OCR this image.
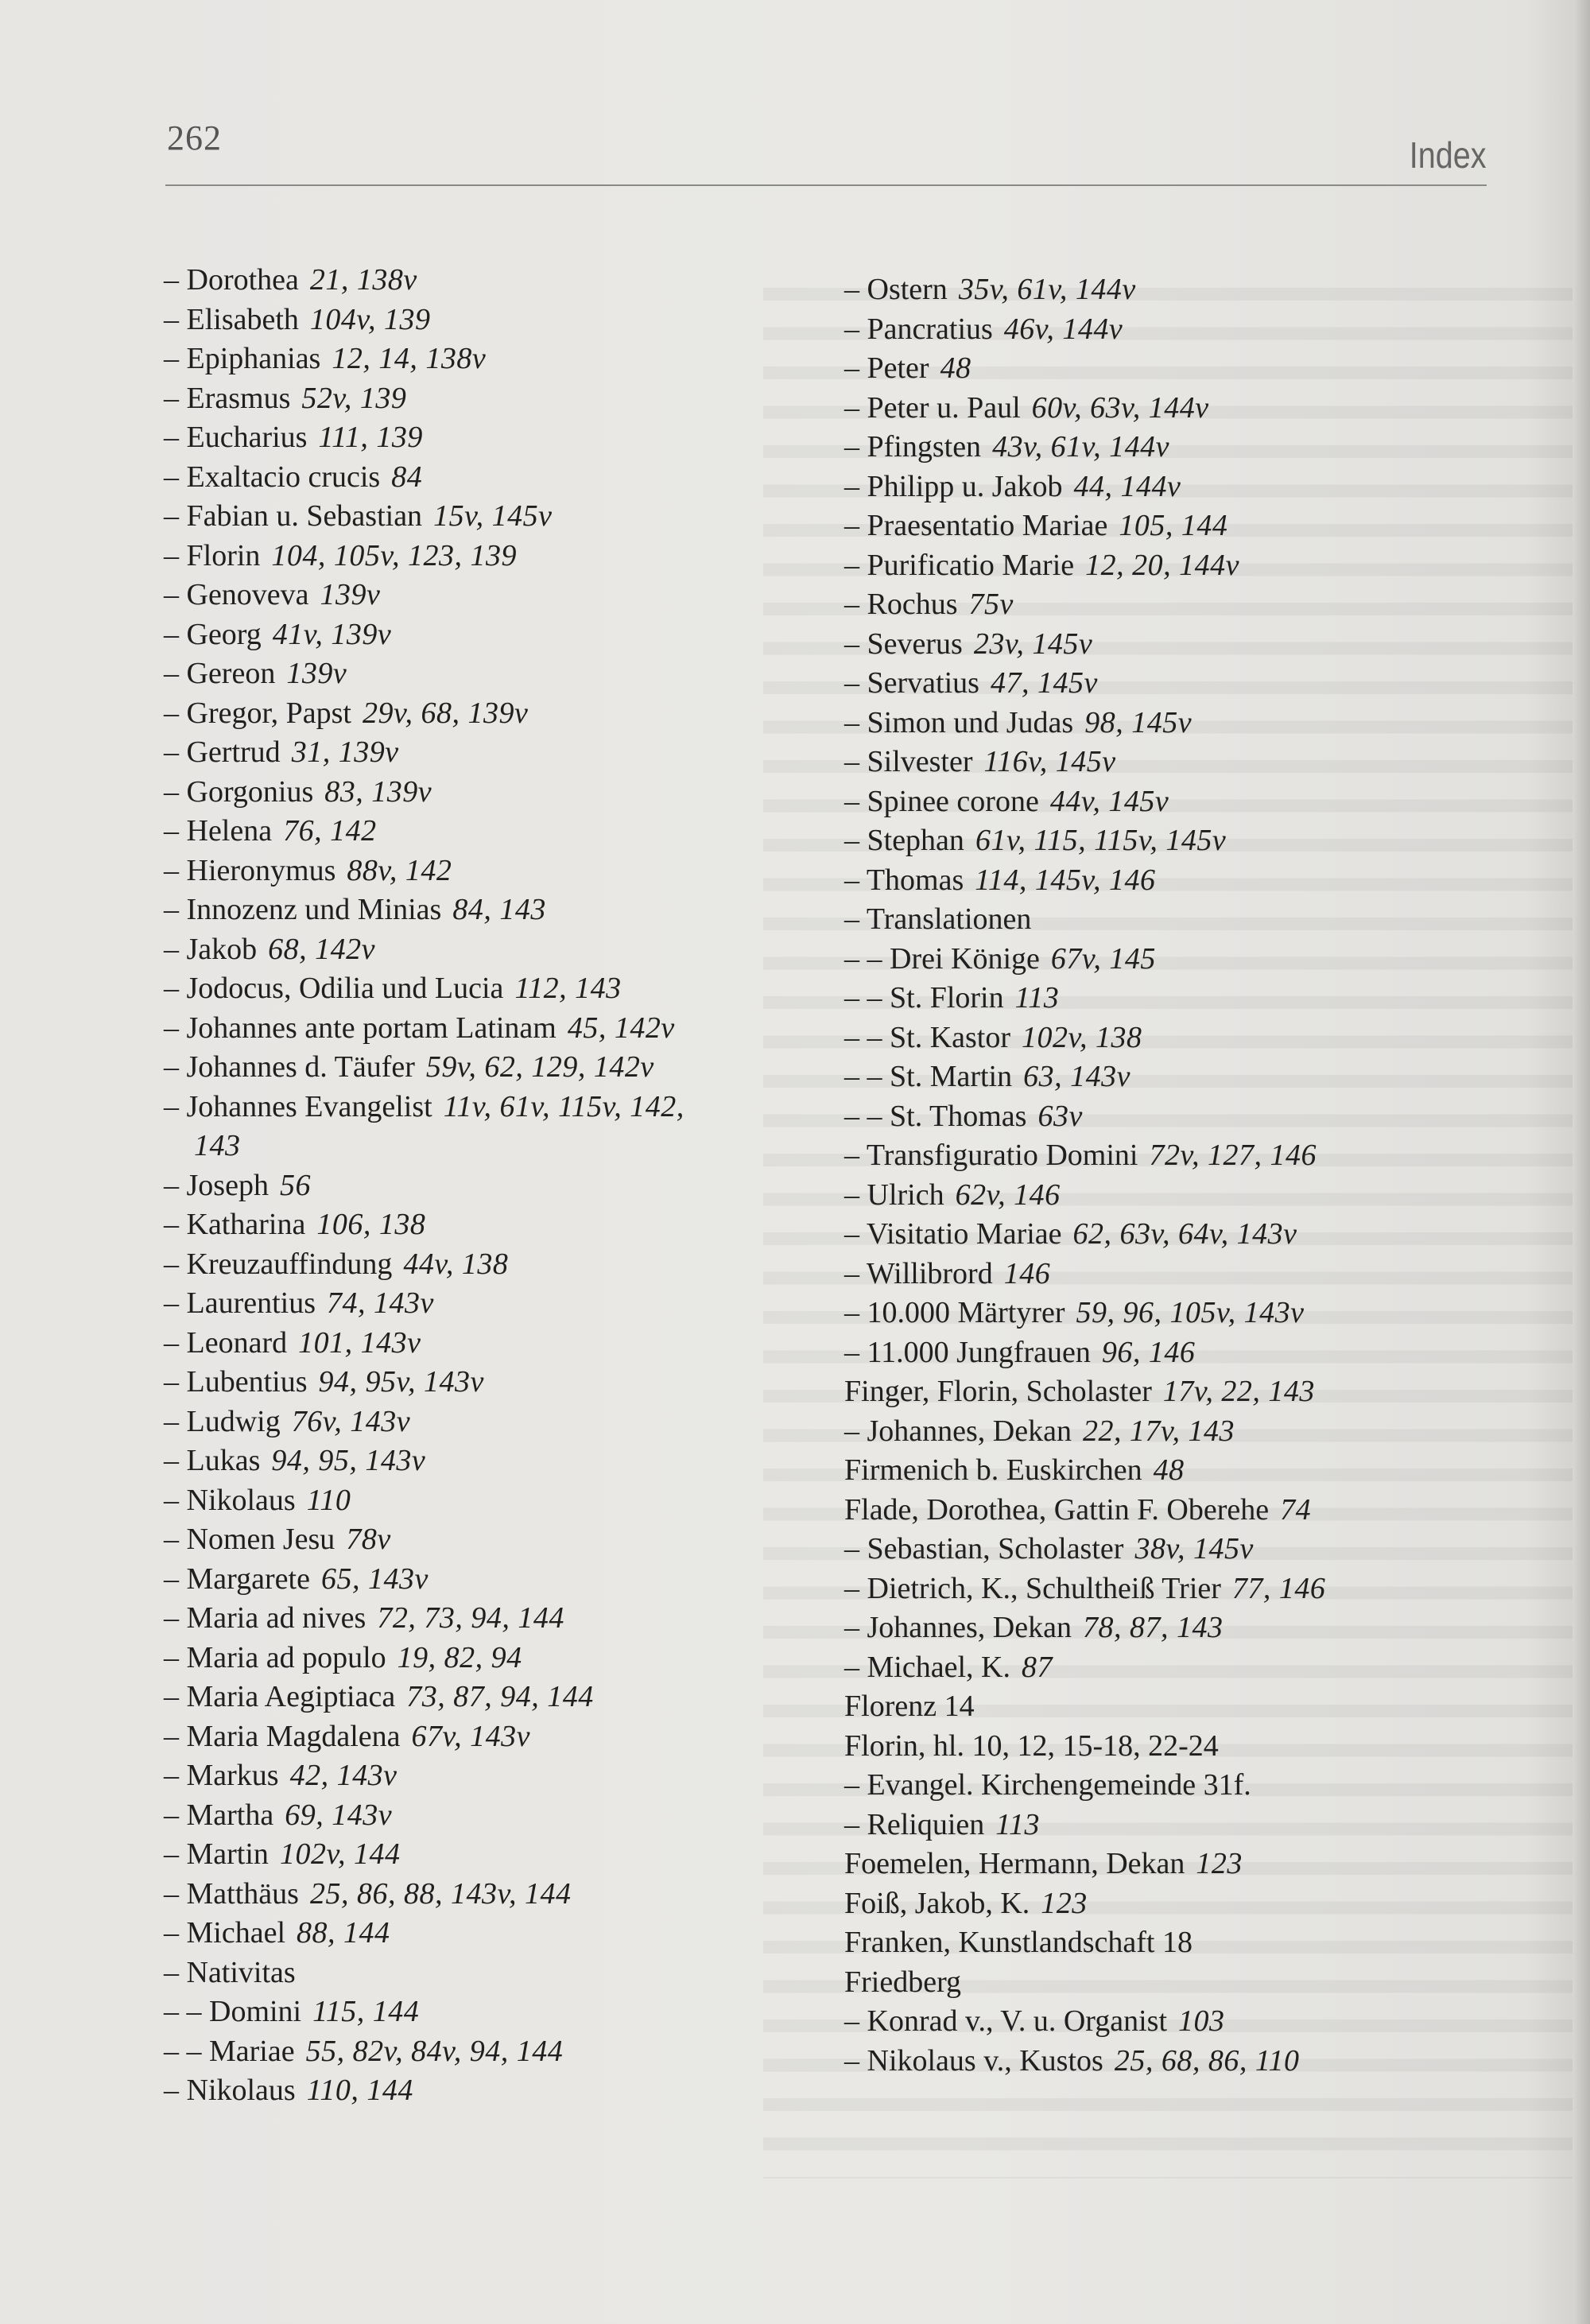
262	Index
– Dorothea 21, 138v
– Elisabeth 104v, 139
– Epiphanias 12, 14, 138v
– Erasmus 52v, 139
– Eucharius 111, 139
– Exaltacio crucis 84
– Fabian u. Sebastian 15v, 145v
– Florin 104, 105v, 123, 139
– Genoveva 139v
– Georg 41v, 139v
– Gereon 139v
– Gregor, Papst 29v, 68, 139v
– Gertrud 31, 139v
– Gorgonius 83, 139v
– Helena 76, 142
– Hieronymus 88v, 142
– Innozenz und Minias 84, 143
– Jakob 68, 142v
– Jodocus, Odilia und Lucia 112, 143
– Johannes ante portam Latinam 45, 142v
– Johannes d. Täufer 59v, 62, 129, 142v
– Johannes Evangelist 11v, 61v, 115v, 142,
143
– Joseph 56
– Katharina 106, 138
– Kreuzauffindung 44v, 138
– Laurentius 74, 143v
– Leonard 101, 143v
– Lubentius 94, 95v, 143v
– Ludwig 76v, 143v
– Lukas 94, 95, 143v
– Nikolaus 110
– Nomen Jesu 78v
– Margarete 65, 143v
– Maria ad nives 72, 73, 94, 144
– Maria ad populo 19, 82, 94
– Maria Aegiptiaca 73, 87, 94, 144
– Maria Magdalena 67v, 143v
– Markus 42, 143v
– Martha 69, 143v
– Martin 102v, 144
– Matthäus 25, 86, 88, 143v, 144
– Michael 88, 144
– Nativitas
– – Domini 115, 144
– – Mariae 55, 82v, 84v, 94, 144
– Nikolaus 110, 144
– Ostern 35v, 61v, 144v
– Pancratius 46v, 144v
– Peter 48
– Peter u. Paul 60v, 63v, 144v
– Pfingsten 43v, 61v, 144v
– Philipp u. Jakob 44, 144v
– Praesentatio Mariae 105, 144
– Purificatio Marie 12, 20, 144v
– Rochus 75v
– Severus 23v, 145v
– Servatius 47, 145v
– Simon und Judas 98, 145v
– Silvester 116v, 145v
– Spinee corone 44v, 145v
– Stephan 61v, 115, 115v, 145v
– Thomas 114, 145v, 146
– Translationen
– – Drei Könige 67v, 145
– – St. Florin 113
– – St. Kastor 102v, 138
– – St. Martin 63, 143v
– – St. Thomas 63v
– Transfiguratio Domini 72v, 127, 146
– Ulrich 62v, 146
– Visitatio Mariae 62, 63v, 64v, 143v
– Willibrord 146
– 10.000 Märtyrer 59, 96, 105v, 143v
– 11.000 Jungfrauen 96, 146
Finger, Florin, Scholaster 17v, 22, 143
– Johannes, Dekan 22, 17v, 143
Firmenich b. Euskirchen 48
Flade, Dorothea, Gattin F. Oberehe 74
– Sebastian, Scholaster 38v, 145v
– Dietrich, K., Schultheiß Trier 77, 146
– Johannes, Dekan 78, 87, 143
– Michael, K. 87
Florenz 14
Florin, hl. 10, 12, 15-18, 22-24
– Evangel. Kirchengemeinde 31f.
– Reliquien 113
Foemelen, Hermann, Dekan 123
Foiß, Jakob, K. 123
Franken, Kunstlandschaft 18
Friedberg
– Konrad v., V. u. Organist 103
– Nikolaus v., Kustos 25, 68, 86, 110
